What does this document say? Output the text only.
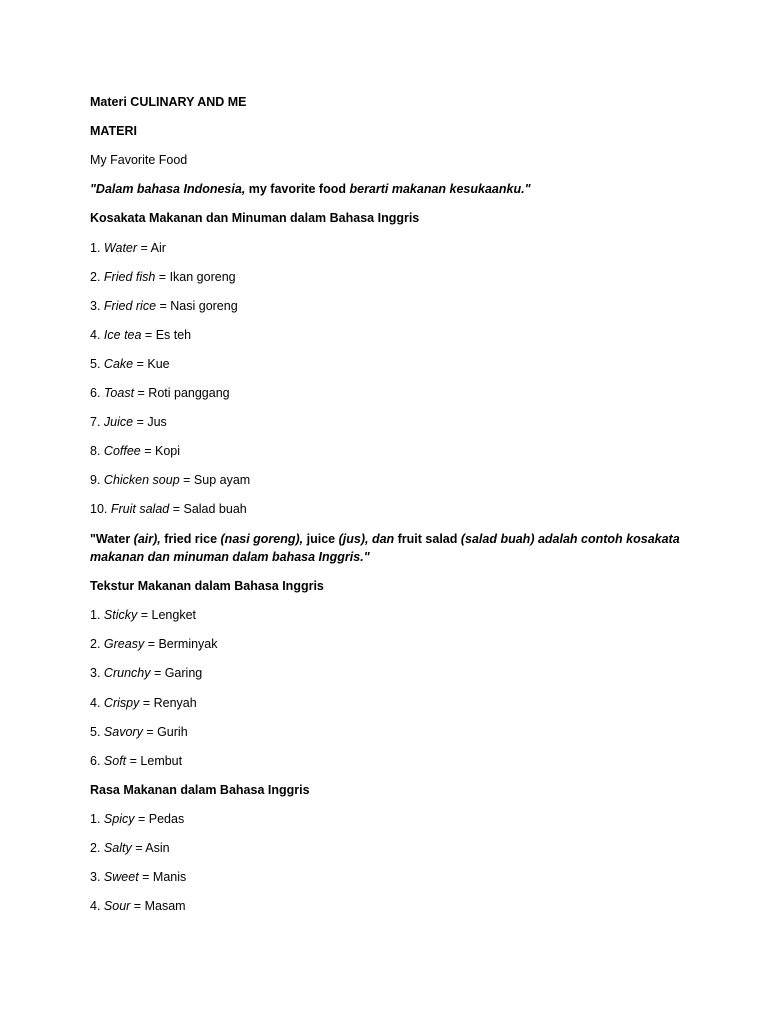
Materi CULINARY AND ME

MATERI

My Favorite Food

"Dalam bahasa Indonesia, my favorite food berarti makanan kesukaanku."

Kosakata Makanan dan Minuman dalam Bahasa Inggris

1. Water = Air

2. Fried fish = Ikan goreng

3. Fried rice = Nasi goreng

4. Ice tea = Es teh

5. Cake = Kue

6. Toast = Roti panggang

7. Juice = Jus

8. Coffee = Kopi

9. Chicken soup = Sup ayam

10. Fruit salad = Salad buah

"Water (air), fried rice (nasi goreng), juice (jus), dan fruit salad (salad buah) adalah contoh kosakata makanan dan minuman dalam bahasa Inggris."

Tekstur Makanan dalam Bahasa Inggris

1. Sticky = Lengket

2. Greasy = Berminyak

3. Crunchy = Garing

4. Crispy = Renyah

5. Savory = Gurih

6. Soft = Lembut

Rasa Makanan dalam Bahasa Inggris

1. Spicy = Pedas

2. Salty = Asin

3. Sweet = Manis

4. Sour = Masam
